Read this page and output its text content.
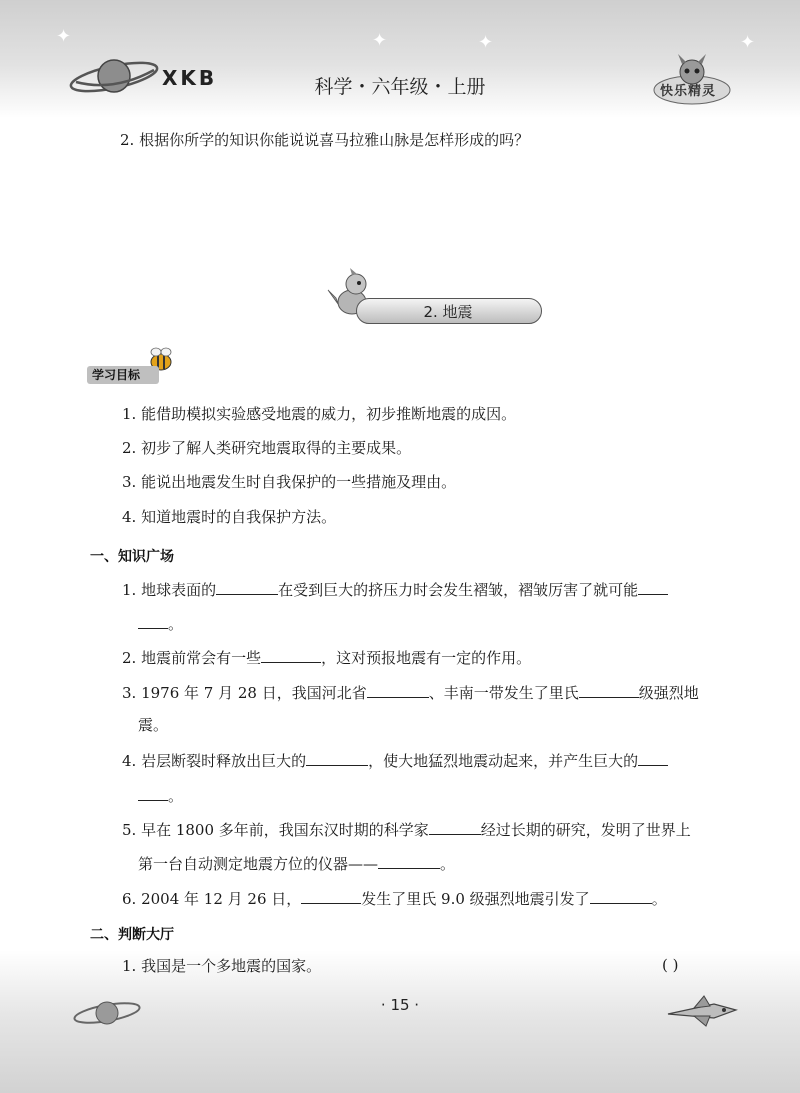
✦	✦	✦	✦
XKB	科学・六年级・上册	快乐精灵
2. 根据你所学的知识你能说说喜马拉雅山脉是怎样形成的吗？
2. 地震
学习目标
1. 能借助模拟实验感受地震的威力，初步推断地震的成因。
2. 初步了解人类研究地震取得的主要成果。
3. 能说出地震发生时自我保护的一些措施及理由。
4. 知道地震时的自我保护方法。
一、知识广场
1. 地球表面的	在受到巨大的挤压力时会发生褶皱，褶皱厉害了就可能
。
2. 地震前常会有一些	，这对预报地震有一定的作用。
3. 1976 年 7 月 28 日，我国河北省	、丰南一带发生了里氏	级强烈地
震。
4. 岩层断裂时释放出巨大的	，使大地猛烈地震动起来，并产生巨大的
。
5. 早在 1800 多年前，我国东汉时期的科学家	经过长期的研究，发明了世界上
第一台自动测定地震方位的仪器——	。
6. 2004 年 12 月 26 日，	发生了里氏 9.0 级强烈地震引发了	。
二、判断大厅
1. 我国是一个多地震的国家。	( )
· 15 ·
